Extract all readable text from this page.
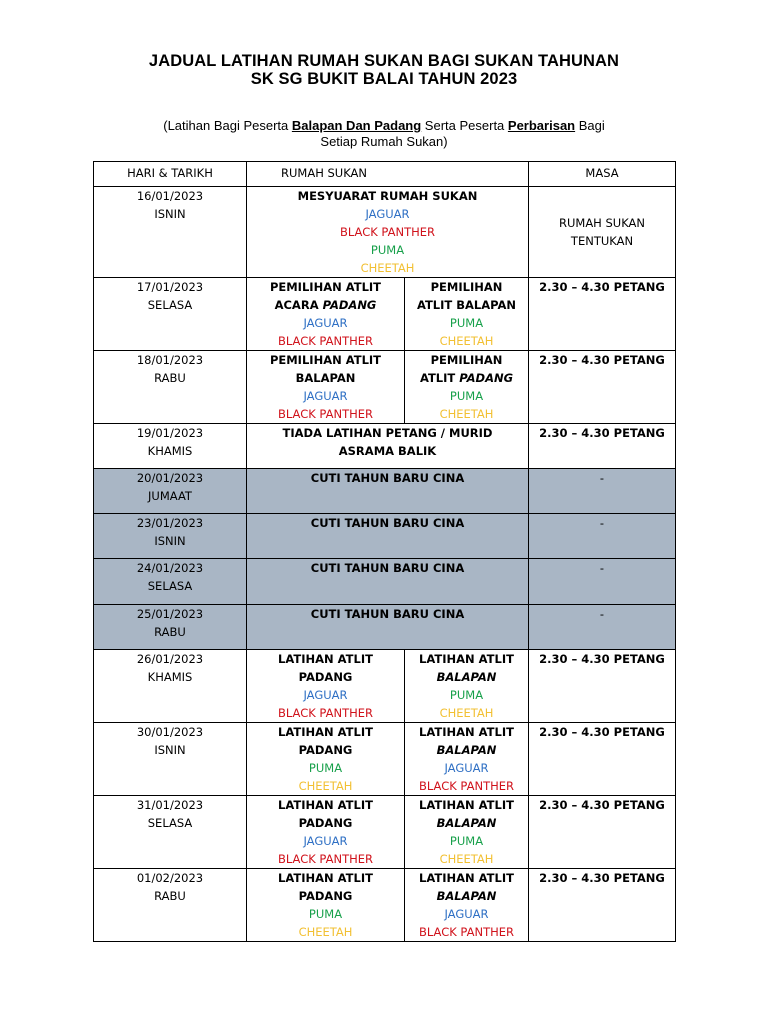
JADUAL LATIHAN RUMAH SUKAN BAGI SUKAN TAHUNAN
SK SG BUKIT BALAI TAHUN 2023
(Latihan Bagi Peserta Balapan Dan Padang Serta Peserta Perbarisan Bagi
Setiap Rumah Sukan)
HARI & TARIKH	RUMAH SUKAN		MASA

16/01/2023
ISNIN	MESYUARAT RUMAH SUKAN
JAGUAR
BLACK PANTHER
PUMA
CHEETAH		RUMAH SUKAN
TENTUKAN

17/01/2023
SELASA	PEMILIHAN ATLIT
ACARA PADANG
JAGUAR
BLACK PANTHER	PEMILIHAN
ATLIT BALAPAN
PUMA
CHEETAH	2.30 – 4.30 PETANG

18/01/2023
RABU	PEMILIHAN ATLIT
BALAPAN
JAGUAR
BLACK PANTHER	PEMILIHAN
ATLIT PADANG
PUMA
CHEETAH	2.30 – 4.30 PETANG

19/01/2023
KHAMIS	TIADA LATIHAN PETANG / MURID
ASRAMA BALIK		2.30 – 4.30 PETANG

20/01/2023
JUMAAT	CUTI TAHUN BARU CINA		-

23/01/2023
ISNIN	CUTI TAHUN BARU CINA		-

24/01/2023
SELASA	CUTI TAHUN BARU CINA		-

25/01/2023
RABU	CUTI TAHUN BARU CINA		-

26/01/2023
KHAMIS	LATIHAN ATLIT
PADANG
JAGUAR
BLACK PANTHER	LATIHAN ATLIT
BALAPAN
PUMA
CHEETAH	2.30 – 4.30 PETANG

30/01/2023
ISNIN	LATIHAN ATLIT
PADANG
PUMA
CHEETAH	LATIHAN ATLIT
BALAPAN
JAGUAR
BLACK PANTHER	2.30 – 4.30 PETANG

31/01/2023
SELASA	LATIHAN ATLIT
PADANG
JAGUAR
BLACK PANTHER	LATIHAN ATLIT
BALAPAN
PUMA
CHEETAH	2.30 – 4.30 PETANG

01/02/2023
RABU	LATIHAN ATLIT
PADANG
PUMA
CHEETAH	LATIHAN ATLIT
BALAPAN
JAGUAR
BLACK PANTHER	2.30 – 4.30 PETANG
